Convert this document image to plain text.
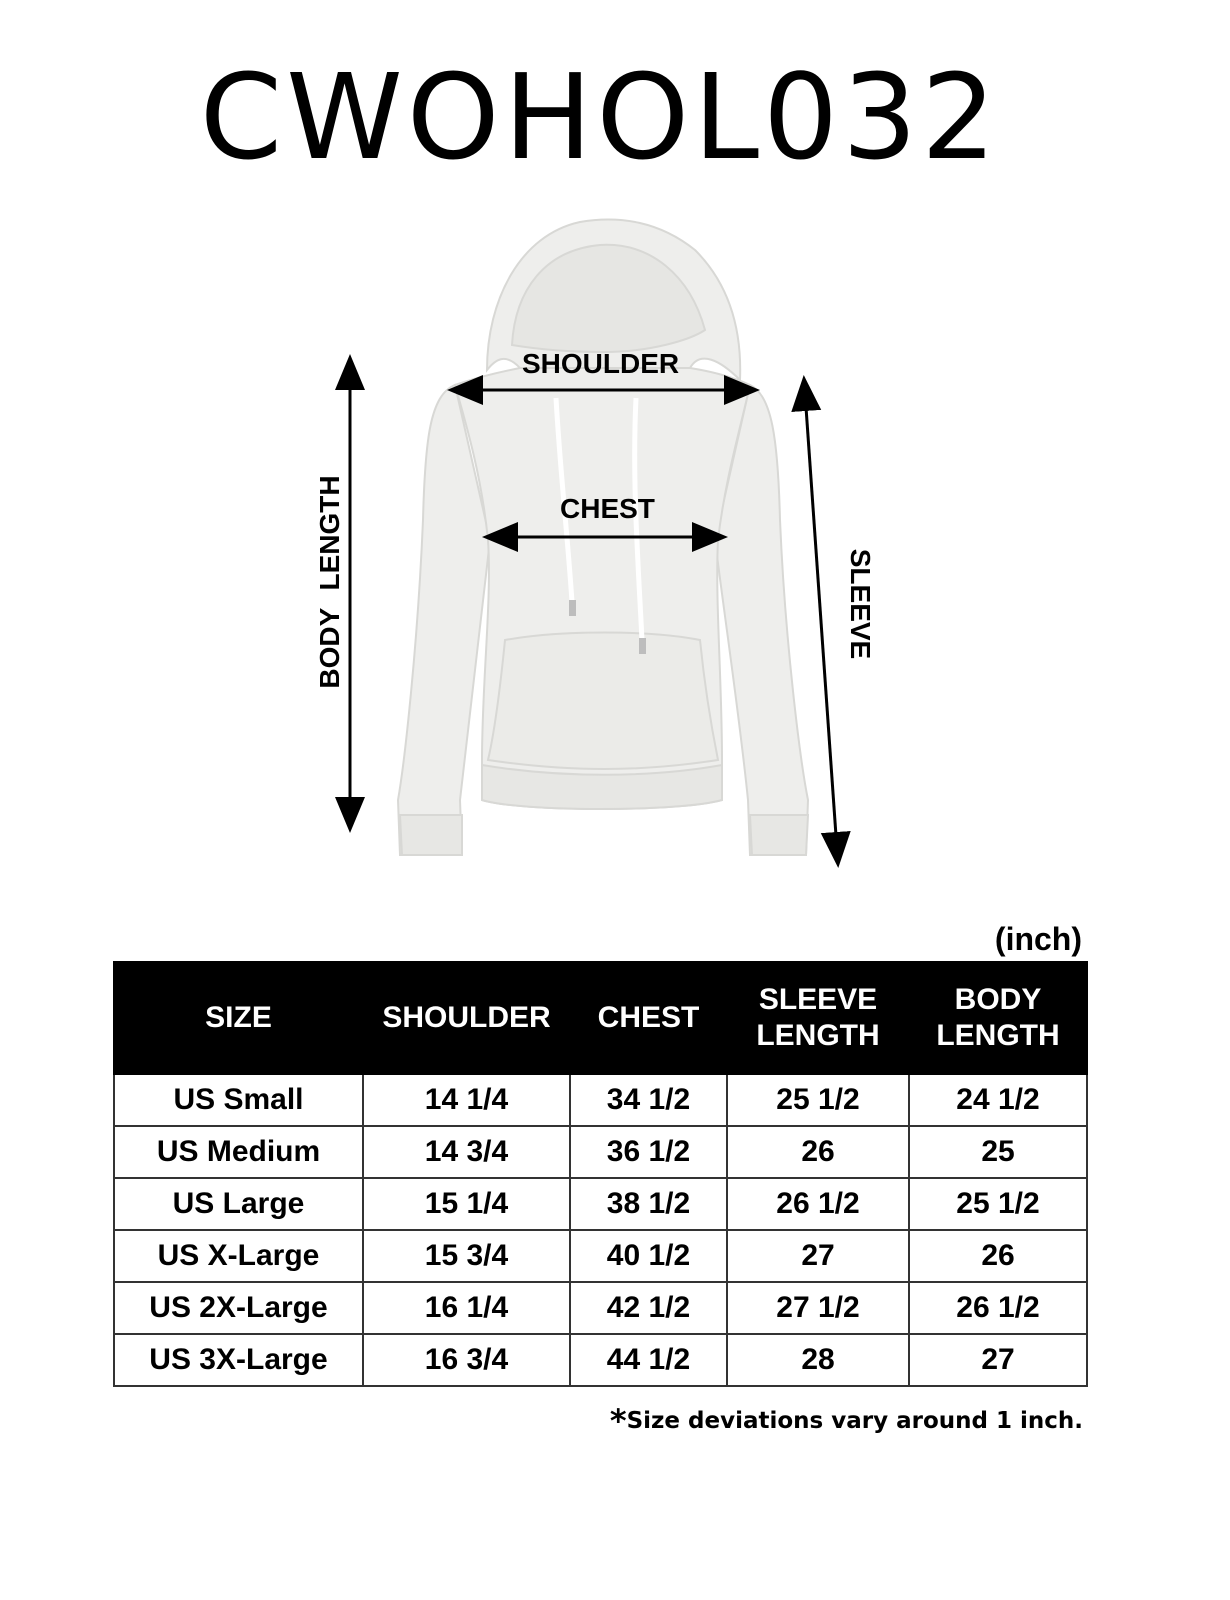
CWOHOL032
SHOULDER
CHEST
BODY LENGTH	SLEEVE
(inch)
SIZE	SHOULDER	CHEST	SLEEVE LENGTH	BODY LENGTH
US Small	14 1/4	34 1/2	25 1/2	24 1/2
US Medium	14 3/4	36 1/2	26	25
US Large	15 1/4	38 1/2	26 1/2	25 1/2
US X-Large	15 3/4	40 1/2	27	26
US 2X-Large	16 1/4	42 1/2	27 1/2	26 1/2
US 3X-Large	16 3/4	44 1/2	28	27
*Size deviations vary around 1 inch.
